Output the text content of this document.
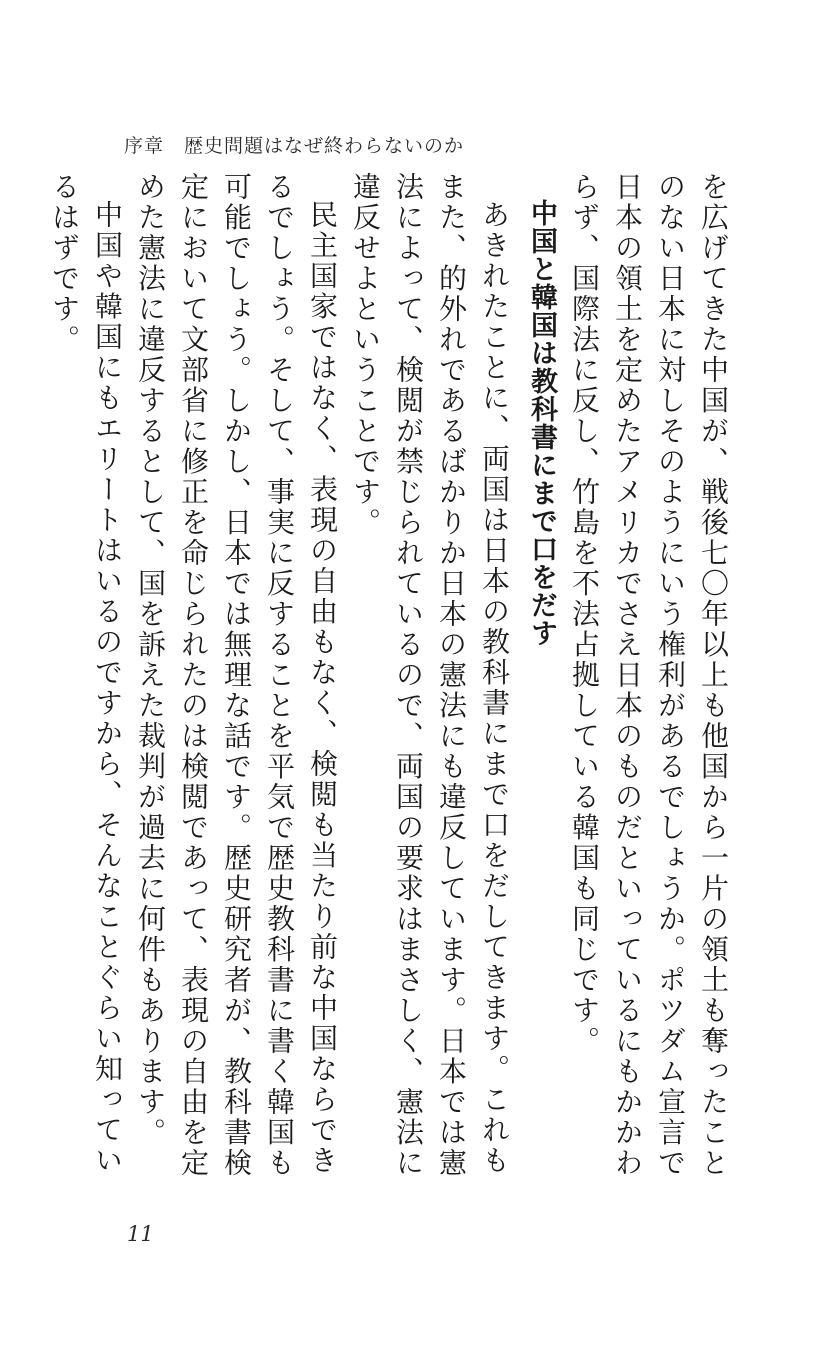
序章　歴史問題はなぜ終わらないのか

を広げてきた中国が、戦後七〇年以上も他国から一片の領土も奪ったことのない日本に対しそのようにいう権利があるでしょうか。ポツダム宣言で日本の領土を定めたアメリカでさえ日本のものだといっているにもかかわらず、国際法に反し、竹島を不法占拠している韓国も同じです。

中国と韓国は教科書にまで口をだす

あきれたことに、両国は日本の教科書にまで口をだしてきます。これもまた、的外れであるばかりか日本の憲法にも違反しています。日本では憲法によって、検閲が禁じられているので、両国の要求はまさしく、憲法に違反せよということです。

民主国家ではなく、表現の自由もなく、検閲も当たり前な中国ならできるでしょう。そして、事実に反することを平気で歴史教科書に書く韓国も可能でしょう。しかし、日本では無理な話です。歴史研究者が、教科書検定において文部省に修正を命じられたのは検閲であって、表現の自由を定めた憲法に違反するとして、国を訴えた裁判が過去に何件もあります。

中国や韓国にもエリートはいるのですから、そんなことぐらい知っているはずです。

11
